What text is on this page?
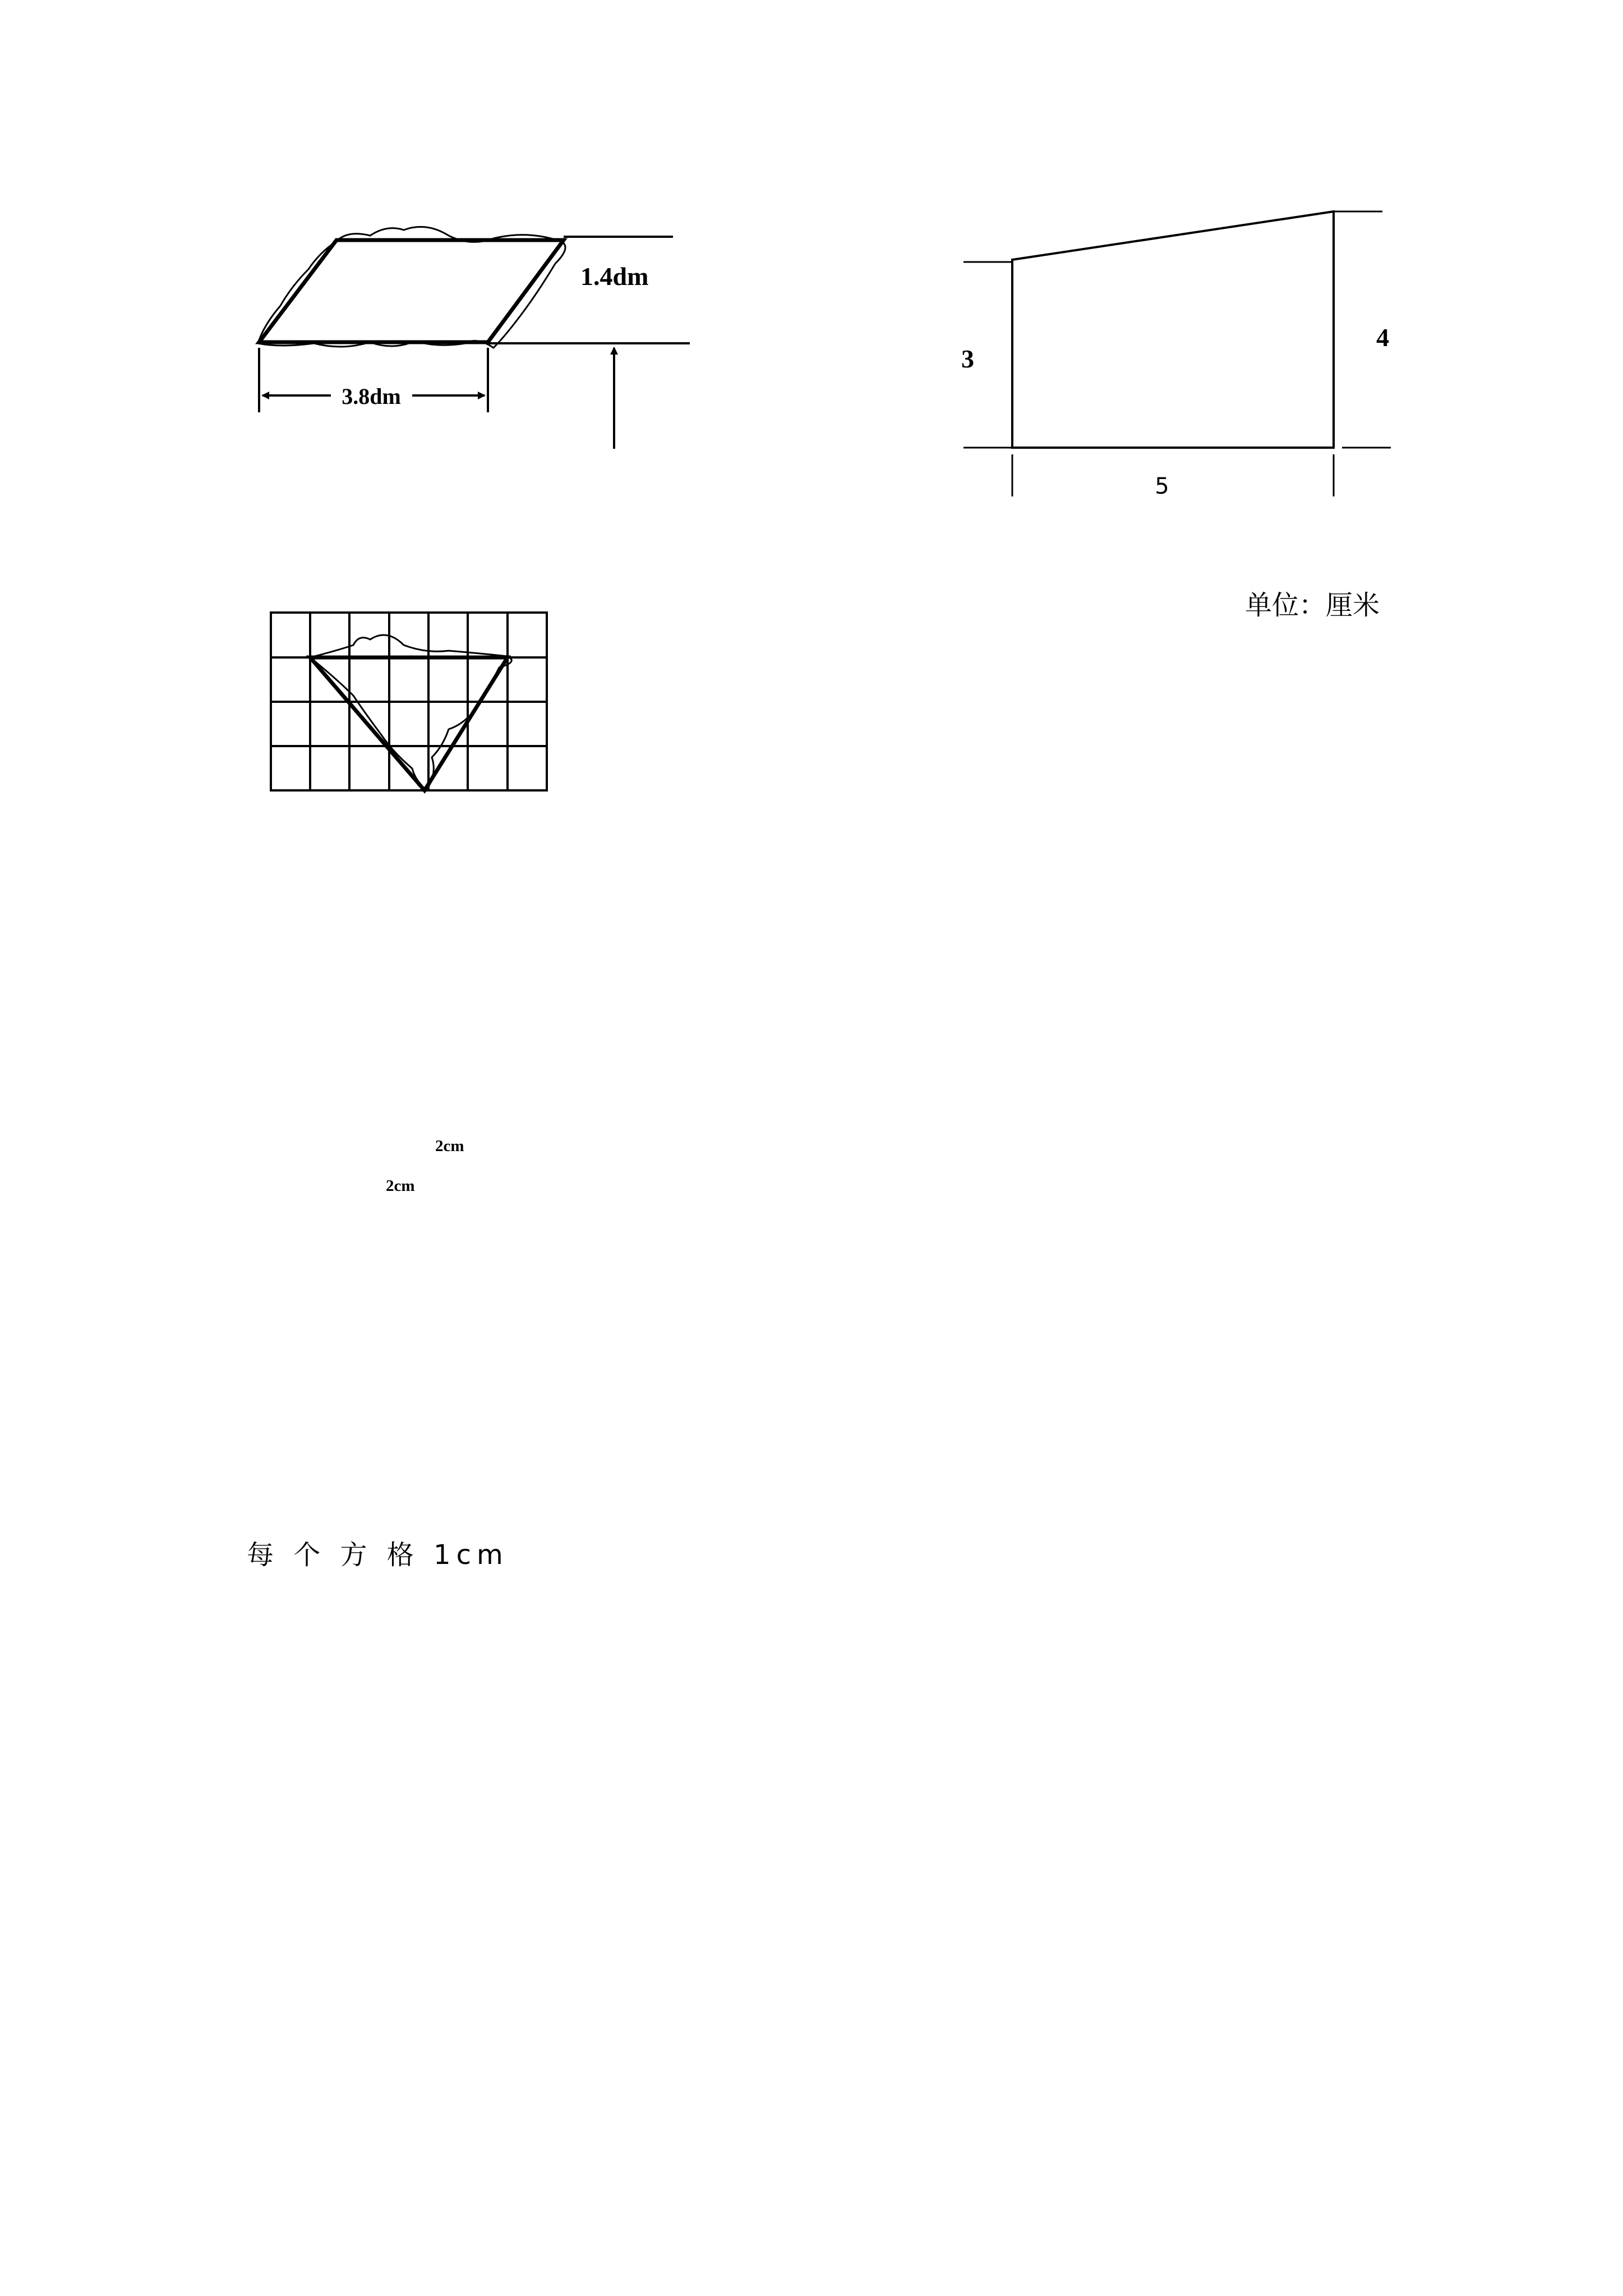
1.4dm
3.8dm
3
4
5
单位：厘米
2cm
2cm
每 个 方 格 1cm
